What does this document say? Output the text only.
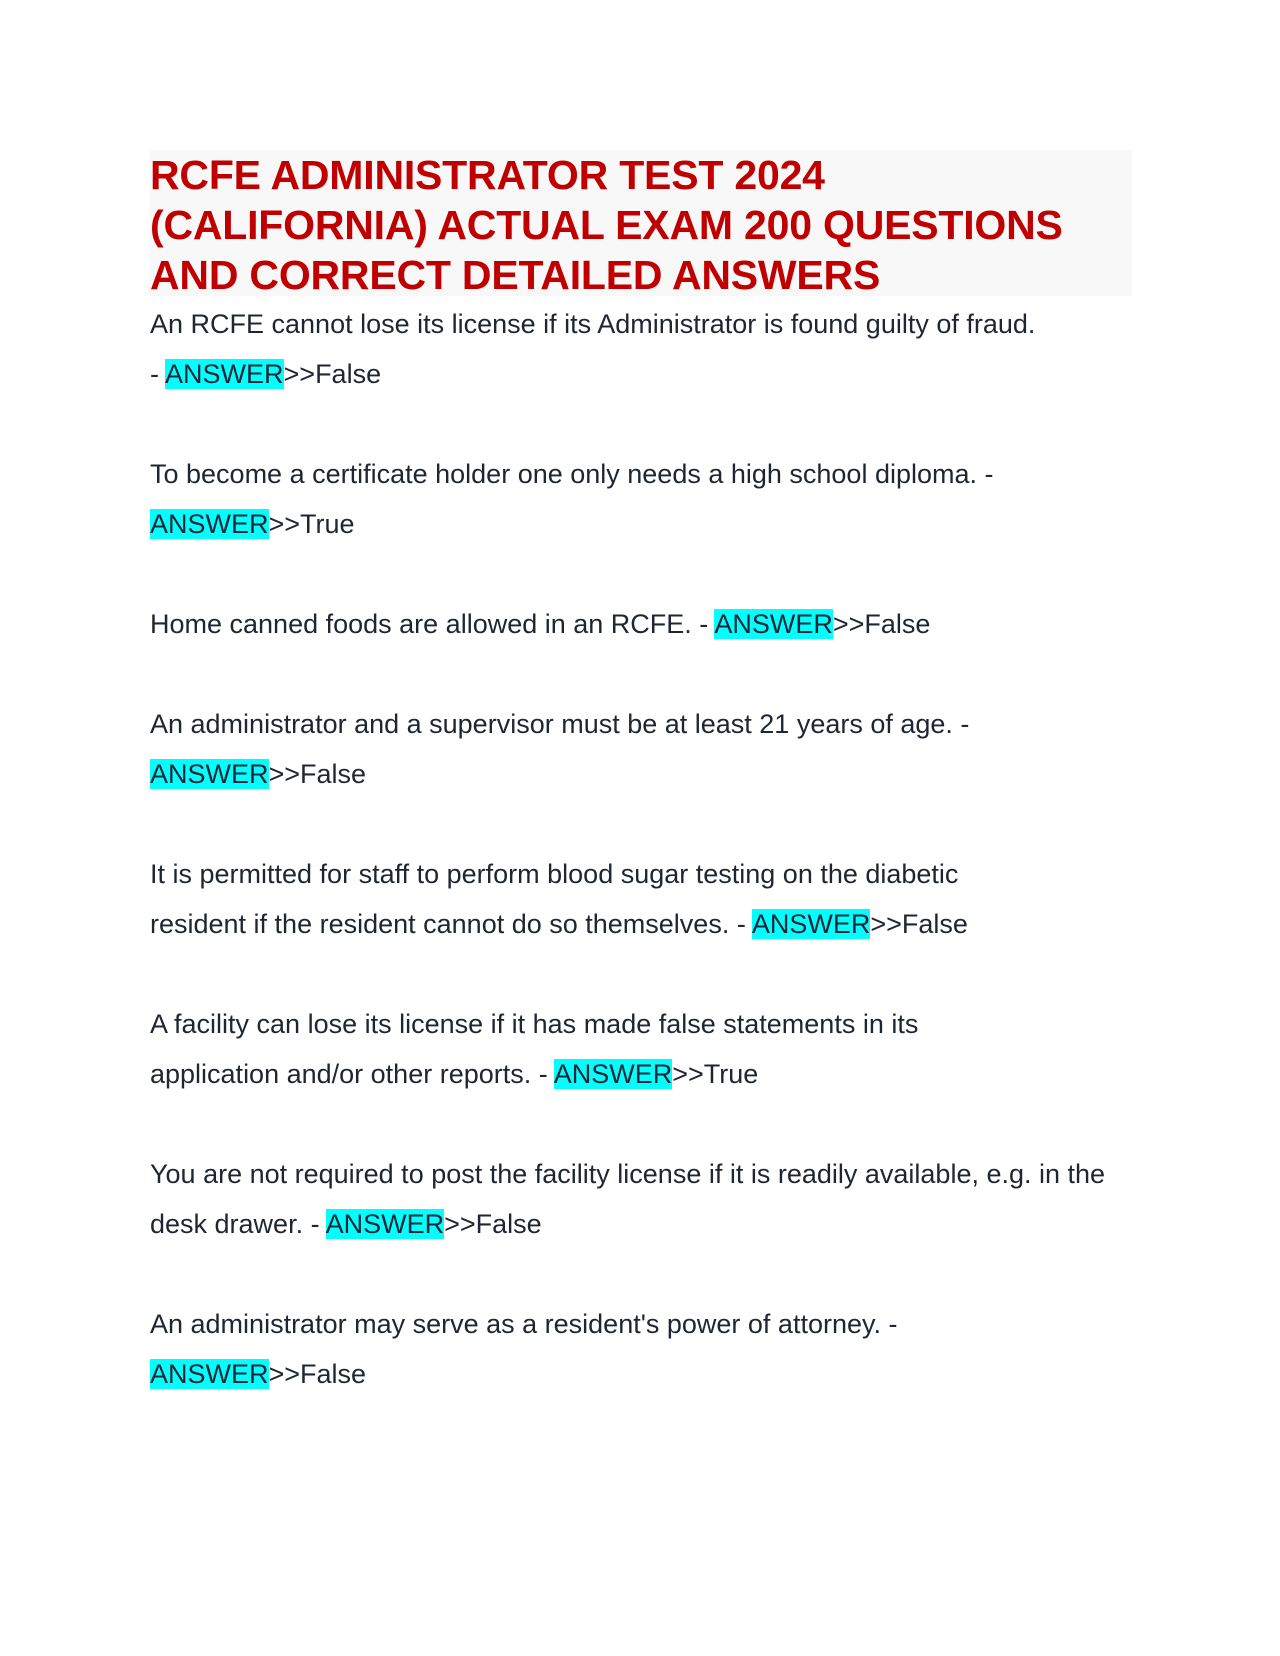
RCFE ADMINISTRATOR TEST 2024
(CALIFORNIA) ACTUAL EXAM 200 QUESTIONS
AND CORRECT DETAILED ANSWERS

An RCFE cannot lose its license if its Administrator is found guilty of fraud.
- ANSWER>>False

To become a certificate holder one only needs a high school diploma. -
ANSWER>>True

Home canned foods are allowed in an RCFE. - ANSWER>>False

An administrator and a supervisor must be at least 21 years of age. -
ANSWER>>False

It is permitted for staff to perform blood sugar testing on the diabetic resident if the resident cannot do so themselves. - ANSWER>>False

A facility can lose its license if it has made false statements in its application and/or other reports. - ANSWER>>True

You are not required to post the facility license if it is readily available, e.g. in the desk drawer. - ANSWER>>False

An administrator may serve as a resident's power of attorney. -
ANSWER>>False
